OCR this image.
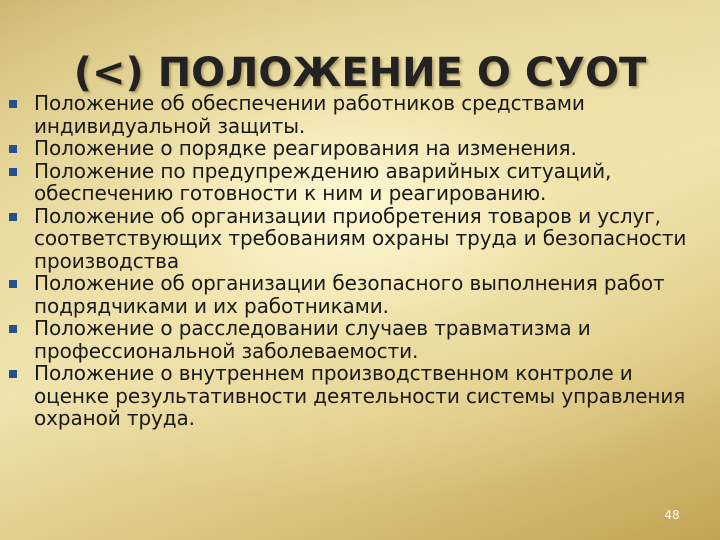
(<) ПОЛОЖЕНИЕ О СУОТ
Положение об обеспечении работников средствами индивидуальной защиты.
Положение о порядке реагирования на изменения.
Положение по предупреждению аварийных ситуаций, обеспечению готовности к ним и реагированию.
Положение об организации приобретения товаров и услуг, соответствующих требованиям охраны труда и безопасности производства
Положение об организации безопасного выполнения работ подрядчиками и их работниками.
Положение о расследовании случаев травматизма и профессиональной заболеваемости.
Положение о внутреннем производственном контроле и оценке результативности деятельности системы управления охраной труда.
48
